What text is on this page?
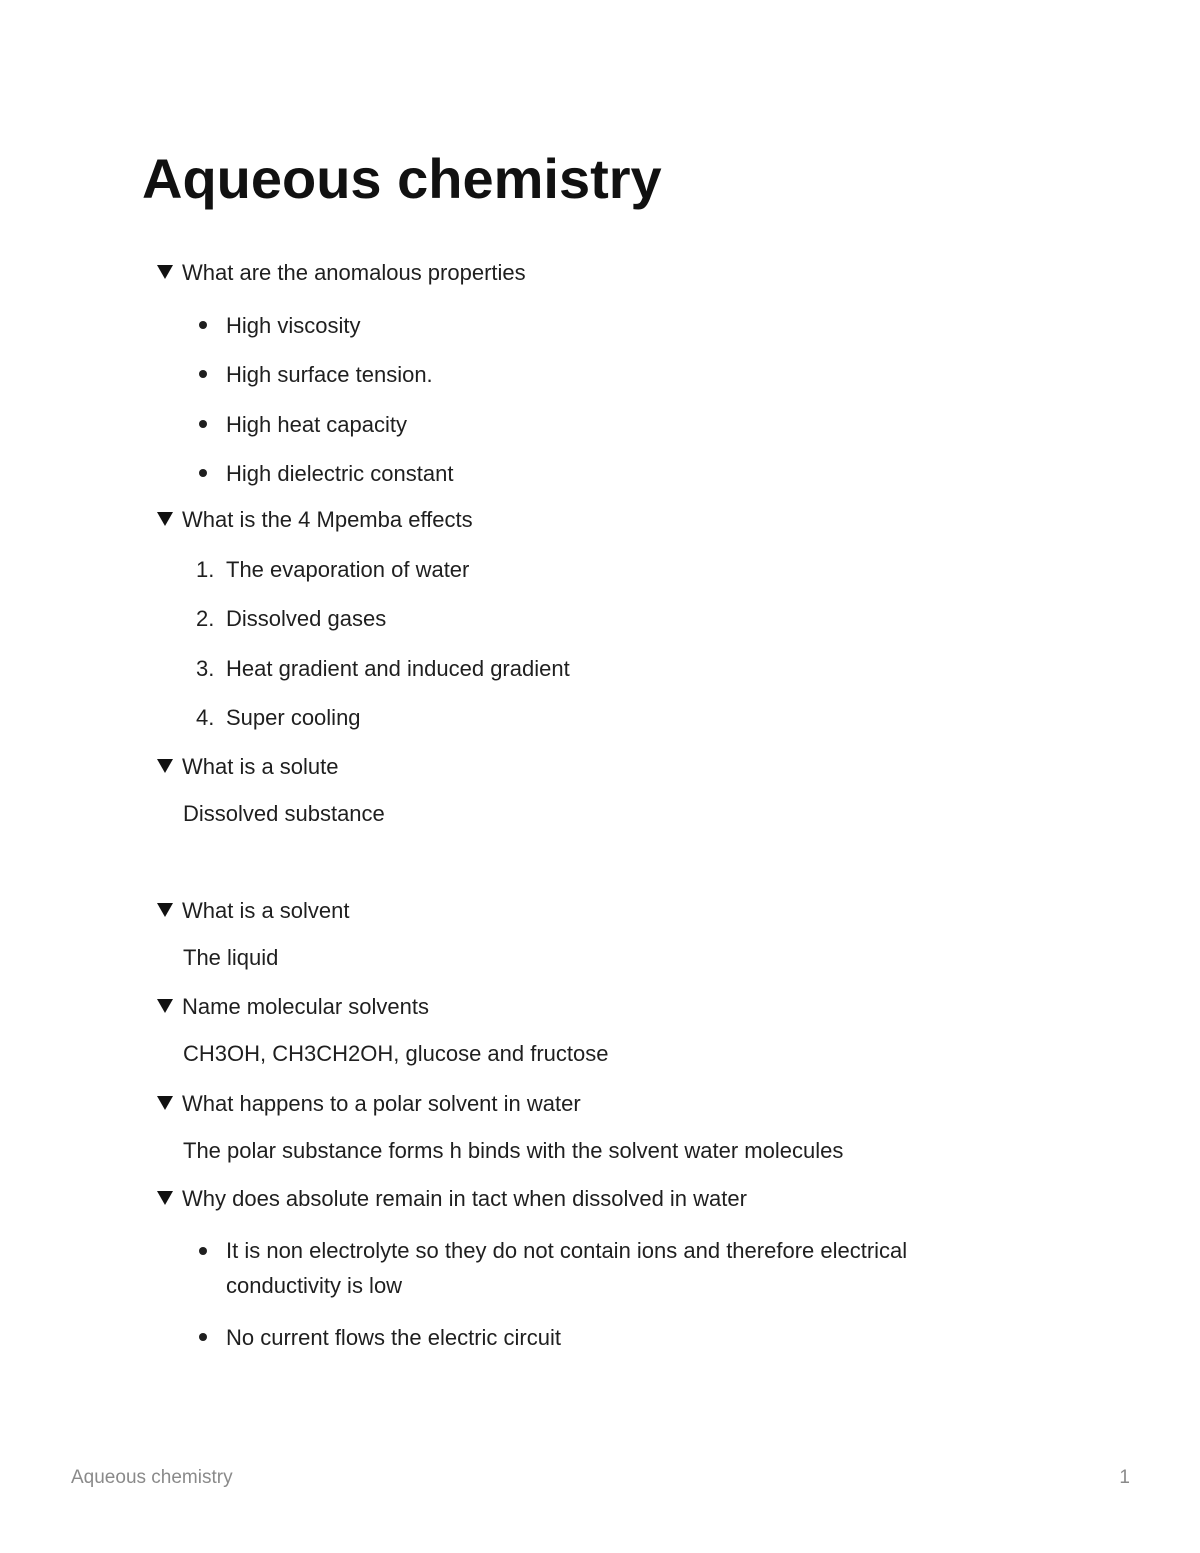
Aqueous chemistry
What are the anomalous properties
High viscosity
High surface tension.
High heat capacity
High dielectric constant
What is the 4 Mpemba effects
1. The evaporation of water
2. Dissolved gases
3. Heat gradient and induced gradient
4. Super cooling
What is a solute
Dissolved substance
What is a solvent
The liquid
Name molecular solvents
CH3OH, CH3CH2OH, glucose and fructose
What happens to a polar solvent in water
The polar substance forms h binds with the solvent water molecules
Why does absolute remain in tact when dissolved in water
It is non electrolyte so they do not contain ions and therefore electrical
conductivity is low
No current flows the electric circuit
Aqueous chemistry	1
